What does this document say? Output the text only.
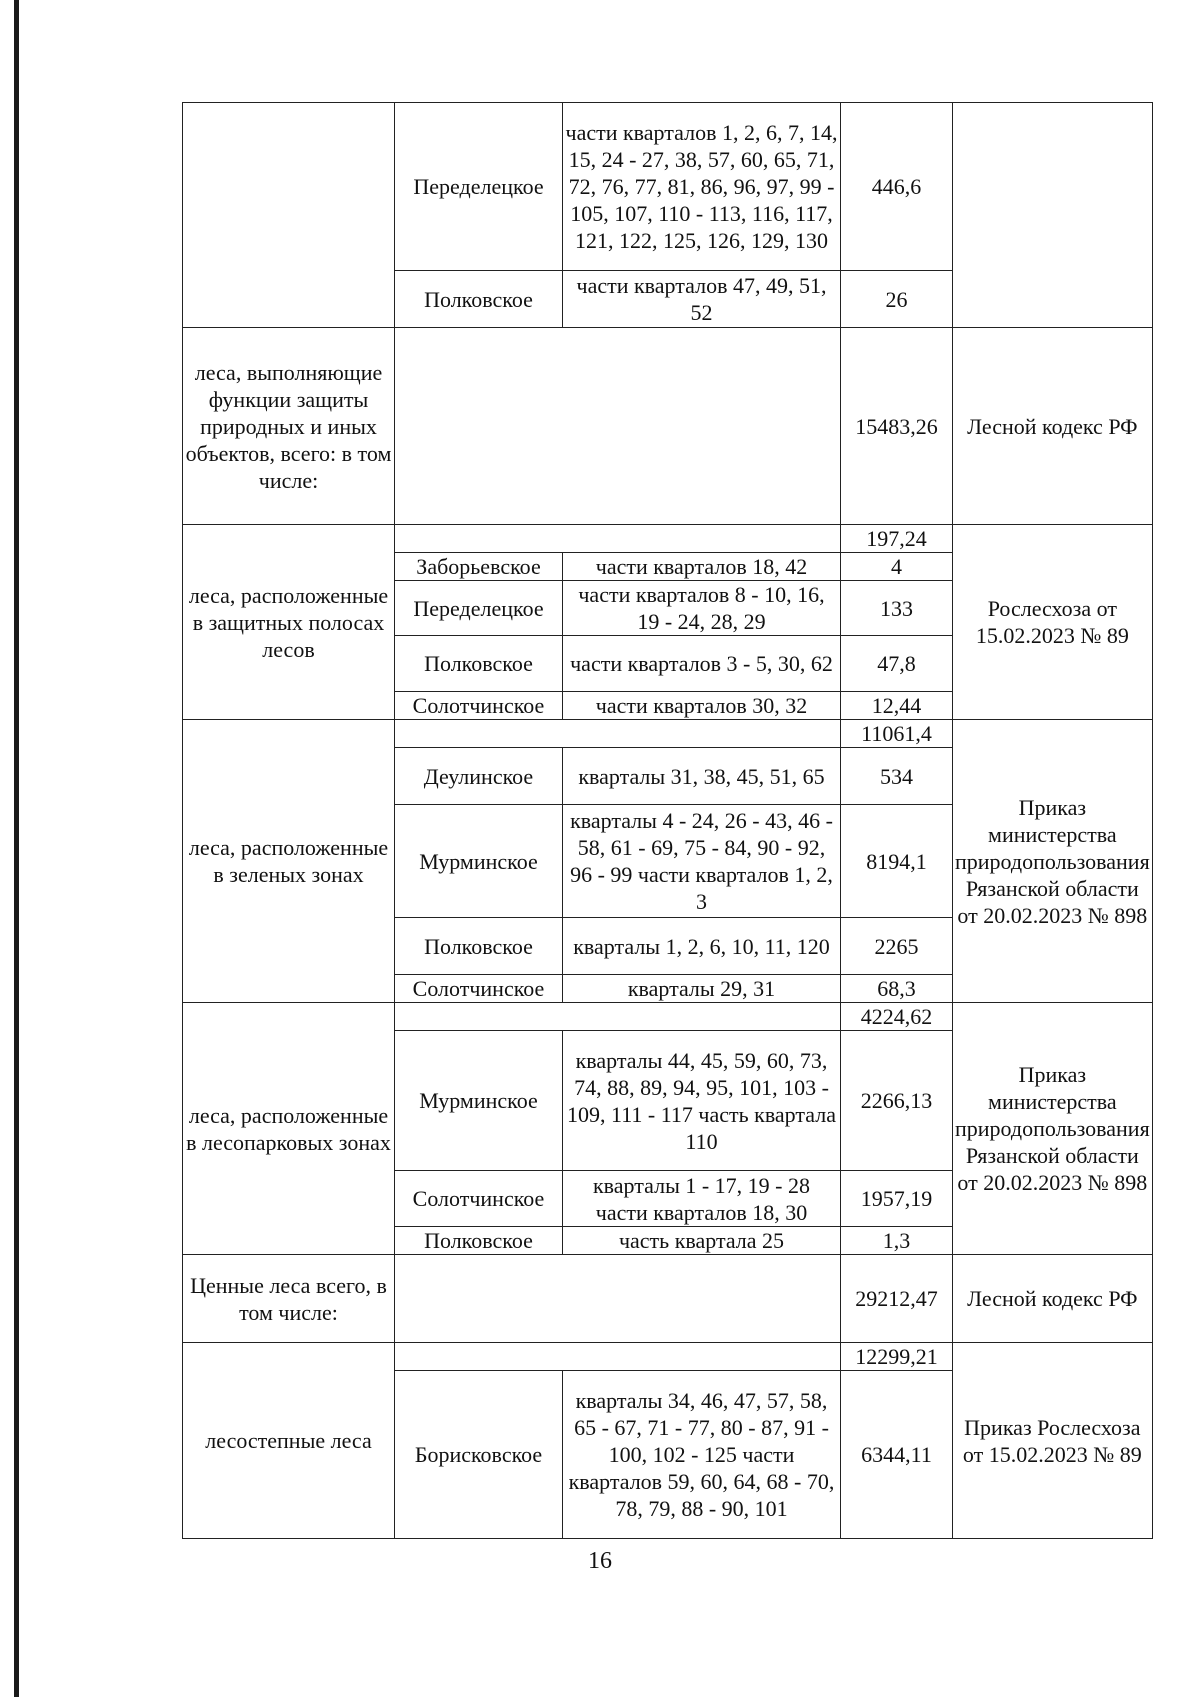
	Переделецкое	части кварталов 1, 2, 6, 7, 14, 15, 24 - 27, 38, 57, 60, 65, 71, 72, 76, 77, 81, 86, 96, 97, 99 - 105, 107, 110 - 113, 116, 117, 121, 122, 125, 126, 129, 130	446,6	
	Полковское	части кварталов 47, 49, 51, 52	26	
леса, выполняющие функции защиты природных и иных объектов, всего: в том числе:			15483,26	Лесной кодекс РФ
леса, расположенные в защитных полосах лесов			197,24	Рослесхоза от 15.02.2023 № 89
	Заборьевское	части кварталов 18, 42	4	
	Переделецкое	части кварталов 8 - 10, 16, 19 - 24, 28, 29	133	
	Полковское	части кварталов 3 - 5, 30, 62	47,8	
	Солотчинское	части кварталов 30, 32	12,44	
леса, расположенные в зеленых зонах			11061,4	Приказ министерства природопользования Рязанской области от 20.02.2023 № 898
	Деулинское	кварталы 31, 38, 45, 51, 65	534	
	Мурминское	кварталы 4 - 24, 26 - 43, 46 - 58, 61 - 69, 75 - 84, 90 - 92, 96 - 99 части кварталов 1, 2, 3	8194,1	
	Полковское	кварталы 1, 2, 6, 10, 11, 120	2265	
	Солотчинское	кварталы 29, 31	68,3	
леса, расположенные в лесопарковых зонах			4224,62	Приказ министерства природопользования Рязанской области от 20.02.2023 № 898
	Мурминское	кварталы 44, 45, 59, 60, 73, 74, 88, 89, 94, 95, 101, 103 - 109, 111 - 117 часть квартала 110	2266,13	
	Солотчинское	кварталы 1 - 17, 19 - 28 части кварталов 18, 30	1957,19	
	Полковское	часть квартала 25	1,3	
Ценные леса всего, в том числе:			29212,47	Лесной кодекс РФ
лесостепные леса			12299,21	Приказ Рослесхоза от 15.02.2023 № 89
	Борисковское	кварталы 34, 46, 47, 57, 58, 65 - 67, 71 - 77, 80 - 87, 91 - 100, 102 - 125 части кварталов 59, 60, 64, 68 - 70, 78, 79, 88 - 90, 101	6344,11	
16
